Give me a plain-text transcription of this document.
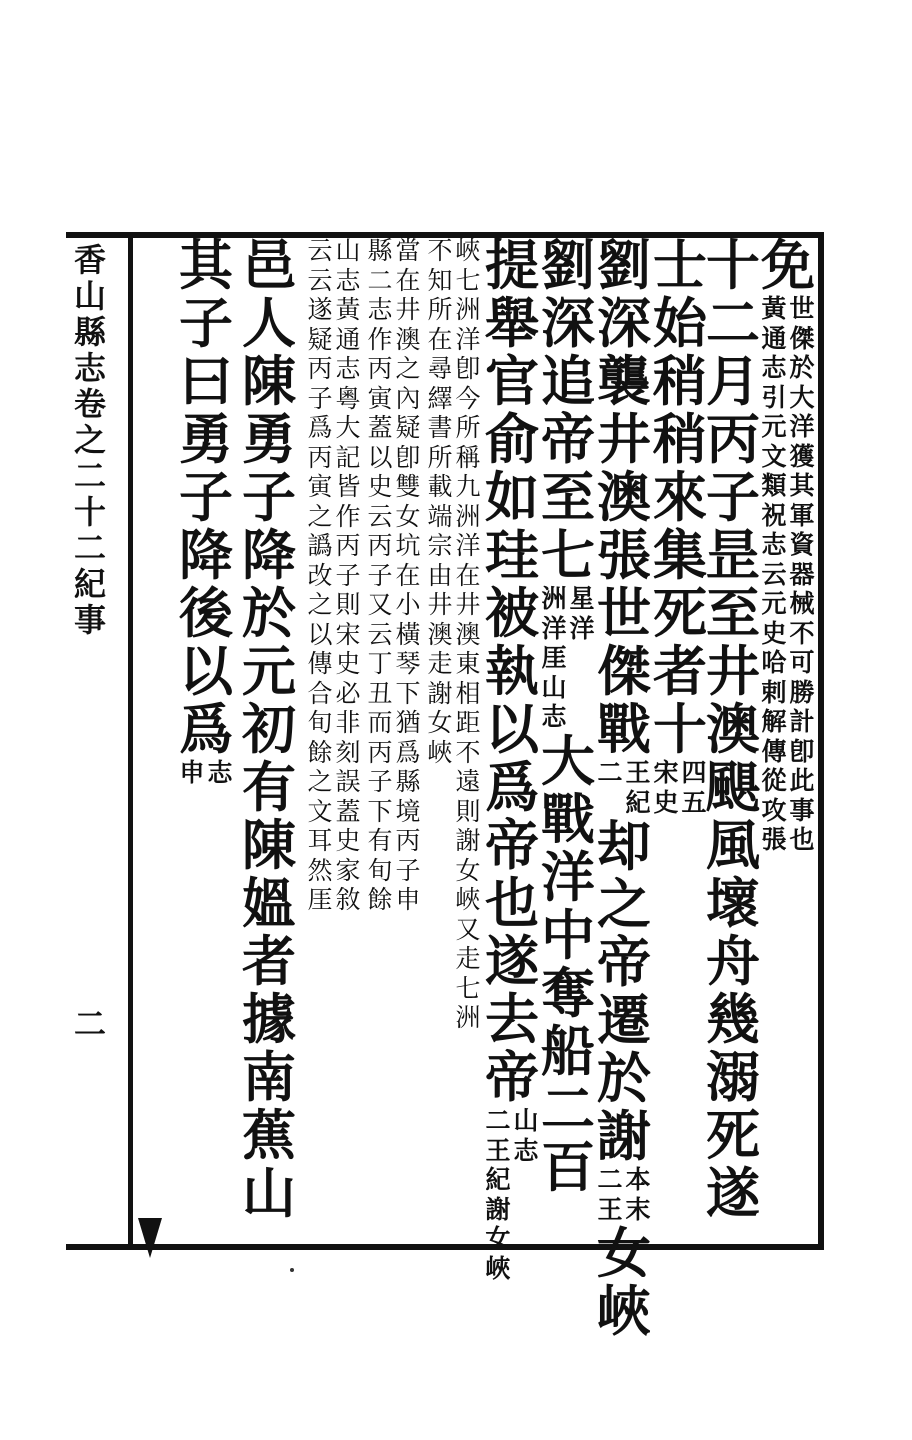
香
山
縣
志
卷
之
二
十
二
紀
事
二
免
世
傑
於
大
洋
獲
其
軍
資
器
械
不
可
勝
計
卽
此
事
也
黃
通
志
引
元
文
類
祝
志
云
元
史
哈
剌
解
傳
從
攻
張
十
二
月
丙
子
昰
至
井
澳
颶
風
壞
舟
幾
溺
死
遂
士
始
稍
稍
來
集
死
者
十
四
五
宋
史
劉
深
襲
井
澳
張
世
傑
戰
王
紀
二
却
之
帝
遷
於
謝
本
末
二
王
女
峽
劉
深
追
帝
至
七
星
洋
洲
洋
厓
山
志
大
戰
洋
中
奪
船
二
百
提
舉
官
俞
如
珪
被
執
以
爲
帝
也
遂
去
帝
山
志
二
王
紀
謝
女
峽
峽
七
洲
洋
卽
今
所
稱
九
洲
洋
在
井
澳
東
相
距
不
遠
則
謝
女
峽
又
走
七
洲
不
知
所
在
尋
繹
書
所
載
端
宗
由
井
澳
走
謝
女
峽
當
在
井
澳
之
內
疑
卽
雙
女
坑
在
小
橫
琴
下
猶
爲
縣
境
丙
子
申
縣
二
志
作
丙
寅
蓋
以
史
云
丙
子
又
云
丁
丑
而
丙
子
下
有
旬
餘
山
志
黃
通
志
粵
大
記
皆
作
丙
子
則
宋
史
必
非
刻
誤
蓋
史
家
敘
云
云
遂
疑
丙
子
爲
丙
寅
之
譌
改
之
以
傳
合
旬
餘
之
文
耳
然
厓
邑
人
陳
勇
子
降
於
元
初
有
陳
媼
者
據
南
蕉
山
其
子
曰
勇
子
降
後
以
爲
志
申
